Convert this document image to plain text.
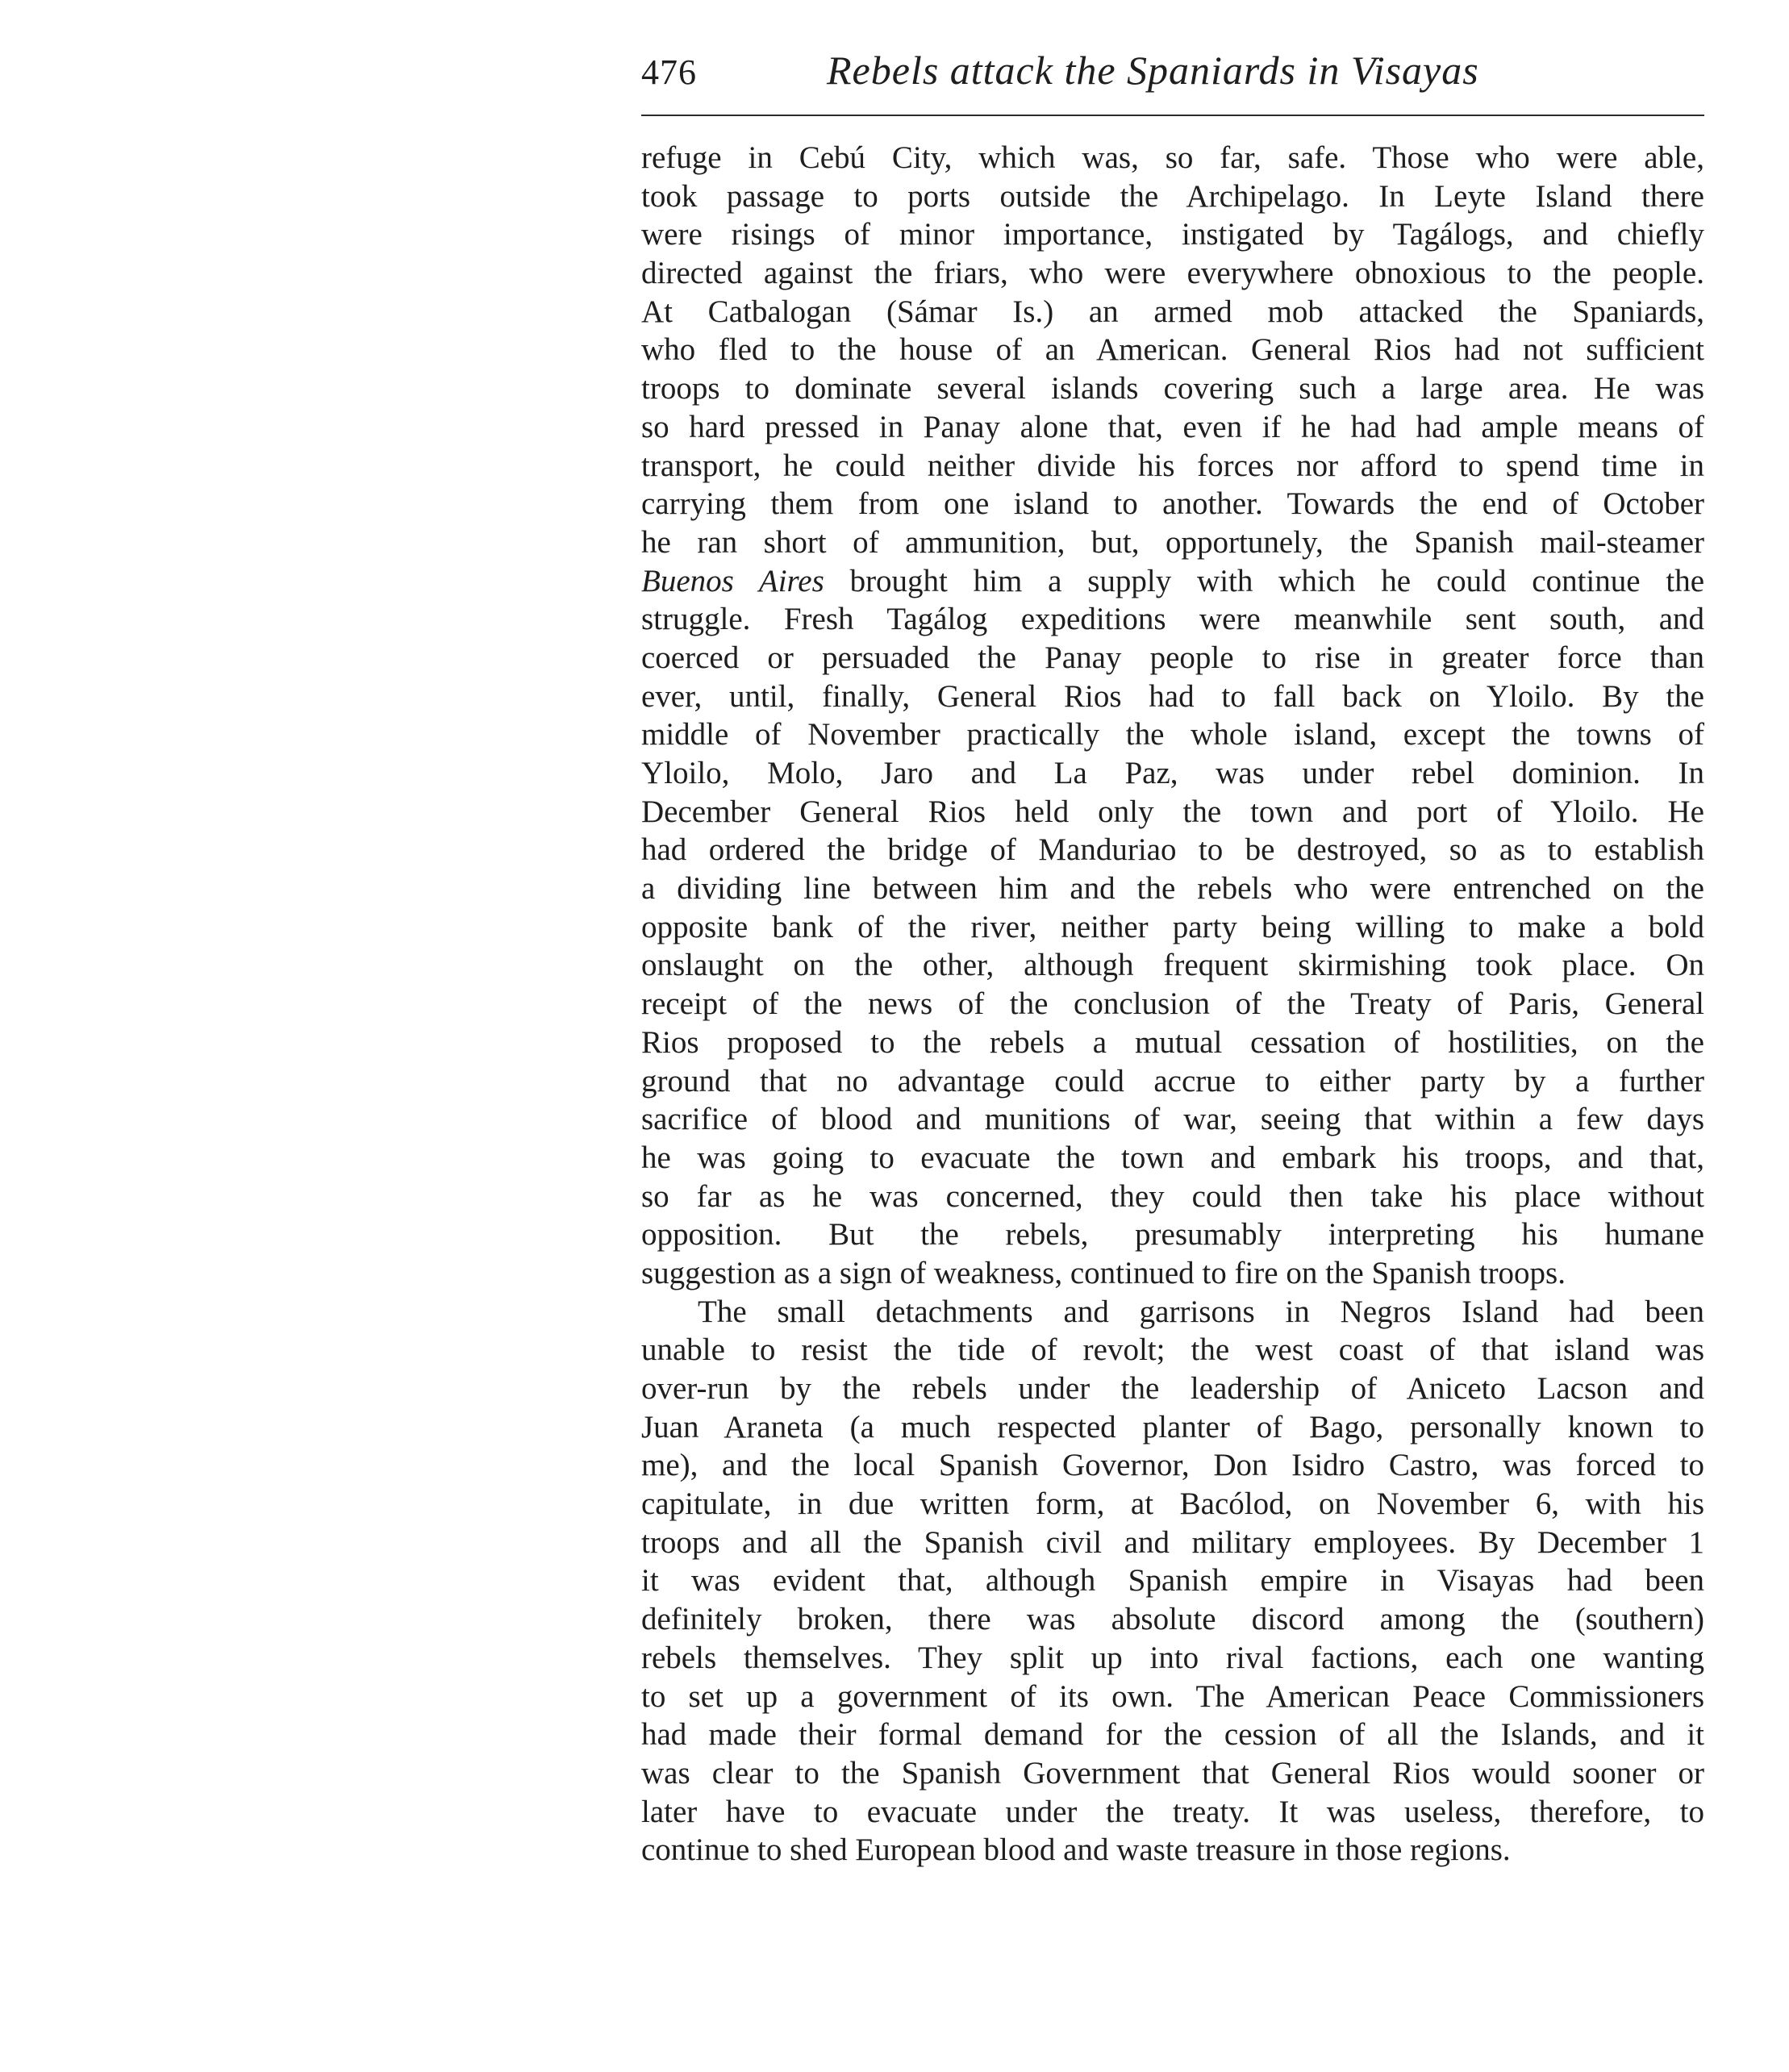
476	Rebels attack the Spaniards in Visayas
refuge in Cebú City, which was, so far, safe. Those who were able,
took passage to ports outside the Archipelago. In Leyte Island there
were risings of minor importance, instigated by Tagálogs, and chiefly
directed against the friars, who were everywhere obnoxious to the people.
At Catbalogan (Sámar Is.) an armed mob attacked the Spaniards,
who fled to the house of an American. General Rios had not sufficient
troops to dominate several islands covering such a large area. He was
so hard pressed in Panay alone that, even if he had had ample means of
transport, he could neither divide his forces nor afford to spend time in
carrying them from one island to another. Towards the end of October
he ran short of ammunition, but, opportunely, the Spanish mail-steamer
Buenos Aires brought him a supply with which he could continue the
struggle. Fresh Tagálog expeditions were meanwhile sent south, and
coerced or persuaded the Panay people to rise in greater force than
ever, until, finally, General Rios had to fall back on Yloilo. By the
middle of November practically the whole island, except the towns of
Yloilo, Molo, Jaro and La Paz, was under rebel dominion. In
December General Rios held only the town and port of Yloilo. He
had ordered the bridge of Manduriao to be destroyed, so as to establish
a dividing line between him and the rebels who were entrenched on the
opposite bank of the river, neither party being willing to make a bold
onslaught on the other, although frequent skirmishing took place. On
receipt of the news of the conclusion of the Treaty of Paris, General
Rios proposed to the rebels a mutual cessation of hostilities, on the
ground that no advantage could accrue to either party by a further
sacrifice of blood and munitions of war, seeing that within a few days
he was going to evacuate the town and embark his troops, and that,
so far as he was concerned, they could then take his place without
opposition. But the rebels, presumably interpreting his humane
suggestion as a sign of weakness, continued to fire on the Spanish troops.
The small detachments and garrisons in Negros Island had been
unable to resist the tide of revolt; the west coast of that island was
over-run by the rebels under the leadership of Aniceto Lacson and
Juan Araneta (a much respected planter of Bago, personally known to
me), and the local Spanish Governor, Don Isidro Castro, was forced to
capitulate, in due written form, at Bacólod, on November 6, with his
troops and all the Spanish civil and military employees. By December 1
it was evident that, although Spanish empire in Visayas had been
definitely broken, there was absolute discord among the (southern)
rebels themselves. They split up into rival factions, each one wanting
to set up a government of its own. The American Peace Commissioners
had made their formal demand for the cession of all the Islands, and it
was clear to the Spanish Government that General Rios would sooner or
later have to evacuate under the treaty. It was useless, therefore, to
continue to shed European blood and waste treasure in those regions.
